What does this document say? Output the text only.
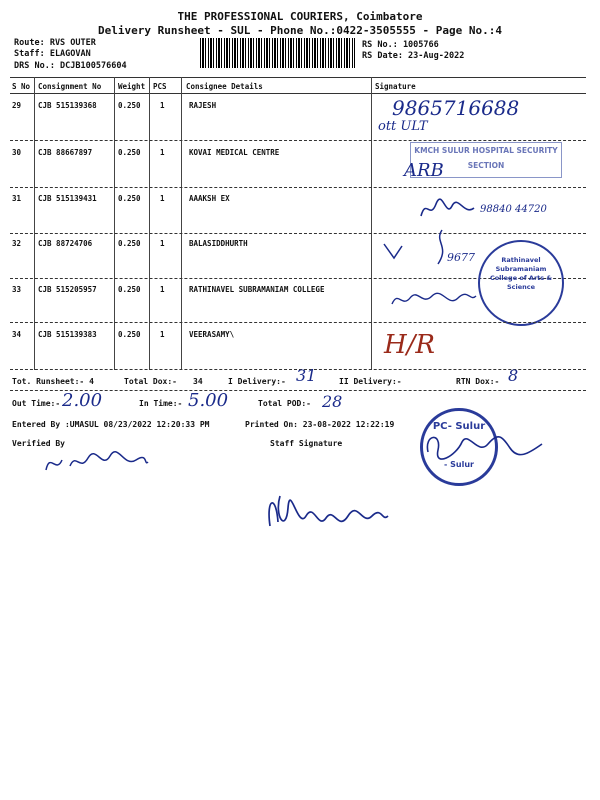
THE PROFESSIONAL COURIERS, Coimbatore
Delivery Runsheet - SUL - Phone No.:0422-3505555 - Page No.:4
Route: RVS OUTER
Staff: ELAGOVAN
DRS No.: DCJB100576604
RS No.: 1005766
RS Date: 23-Aug-2022
S No Consignment No Weight PCS	Consignee Details	Signature
29 CJB 515139368	0.250	1	RAJESH	9865716688
ott ULT
30 CJB 88667897	0.250	1	KOVAI MEDICAL CENTRE	KMCH SULUR HOSPITAL SECURITY SECTION
ARB
31 CJB 515139431	0.250	1	AAAKSH EX
98840 44720
32 CJB 88724706	0.250	1	BALASIDDHURTH
9677	Rathinavel Subramaniam College of Arts & Science
33 CJB 515205957	0.250	1	RATHINAVEL SUBRAMANIAM COLLEGE
34 CJB 515139383	0.250	1	VEERASAMY\	H/R
Tot. Runsheet:- 4	Total Dox:- 34	I Delivery:- 31	II Delivery:-	RTN Dox:- 8
Out Time:- 2.00	In Time:- 5.00	Total POD:- 28
Entered By :UMASUL 08/23/2022 12:20:33 PM	Printed On: 23-08-2022 12:22:19
Verified By	Staff Signature
PC- Sulur
- Sulur
